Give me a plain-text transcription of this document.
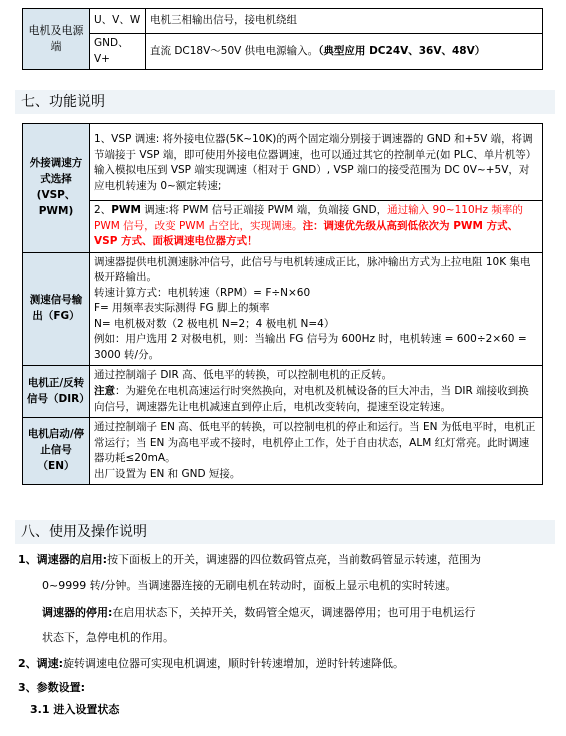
电机及电源端	U、V、W	电机三相输出信号，接电机绕组
	GND、V+	直流 DC18V～50V 供电电源输入。（典型应用 DC24V、36V、48V）
七、功能说明
外接调速方式选择(VSP、PWM)	1、VSP 调速: 将外接电位器(5K~10K)的两个固定端分别接于调速器的 GND 和+5V 端，将调节端接于 VSP 端，即可使用外接电位器调速，也可以通过其它的控制单元(如 PLC、单片机等）输入模拟电压到 VSP 端实现调速（相对于 GND）, VSP 端口的接受范围为 DC 0V~+5V，对应电机转速为 0~额定转速;
	2、PWM 调速:将 PWM 信号正端接 PWM 端，负端接 GND，通过输入 90~110Hz 频率的 PWM 信号，改变 PWM 占空比，实现调速。注：调速优先级从高到低依次为 PWM 方式、VSP 方式、面板调速电位器方式！
测速信号输出（FG）	调速器提供电机测速脉冲信号，此信号与电机转速成正比，脉冲输出方式为上拉电阻 10K 集电极开路输出。
转速计算方式：电机转速（RPM）= F÷N×60
F= 用频率表实际测得 FG 脚上的频率
N= 电机极对数（2 极电机 N=2；4 极电机 N=4）
例如：用户选用 2 对极电机，则：当输出 FG 信号为 600Hz 时，电机转速 = 600÷2×60 = 3000 转/分。

电机正/反转信号（DIR）	通过控制端子 DIR 高、低电平的转换，可以控制电机的正反转。
注意：为避免在电机高速运行时突然换向，对电机及机械设备的巨大冲击，当 DIR 端接收到换向信号，调速器先让电机减速直到停止后，电机改变转向，提速至设定转速。

电机启动/停止信号（EN）	通过控制端子 EN 高、低电平的转换，可以控制电机的停止和运行。当 EN 为低电平时，电机正常运行；当 EN 为高电平或不接时，电机停止工作，处于自由状态，ALM 红灯常亮。此时调速器功耗≤20mA。
出厂设置为 EN 和 GND 短接。
八、使用及操作说明
1、调速器的启用:按下面板上的开关，调速器的四位数码管点亮，当前数码管显示转速，范围为
0~9999 转/分钟。当调速器连接的无刷电机在转动时，面板上显示电机的实时转速。
调速器的停用:在启用状态下，关掉开关，数码管全熄灭，调速器停用；也可用于电机运行
状态下，急停电机的作用。
2、调速:旋转调速电位器可实现电机调速，顺时针转速增加，逆时针转速降低。
3、参数设置:
3.1 进入设置状态
